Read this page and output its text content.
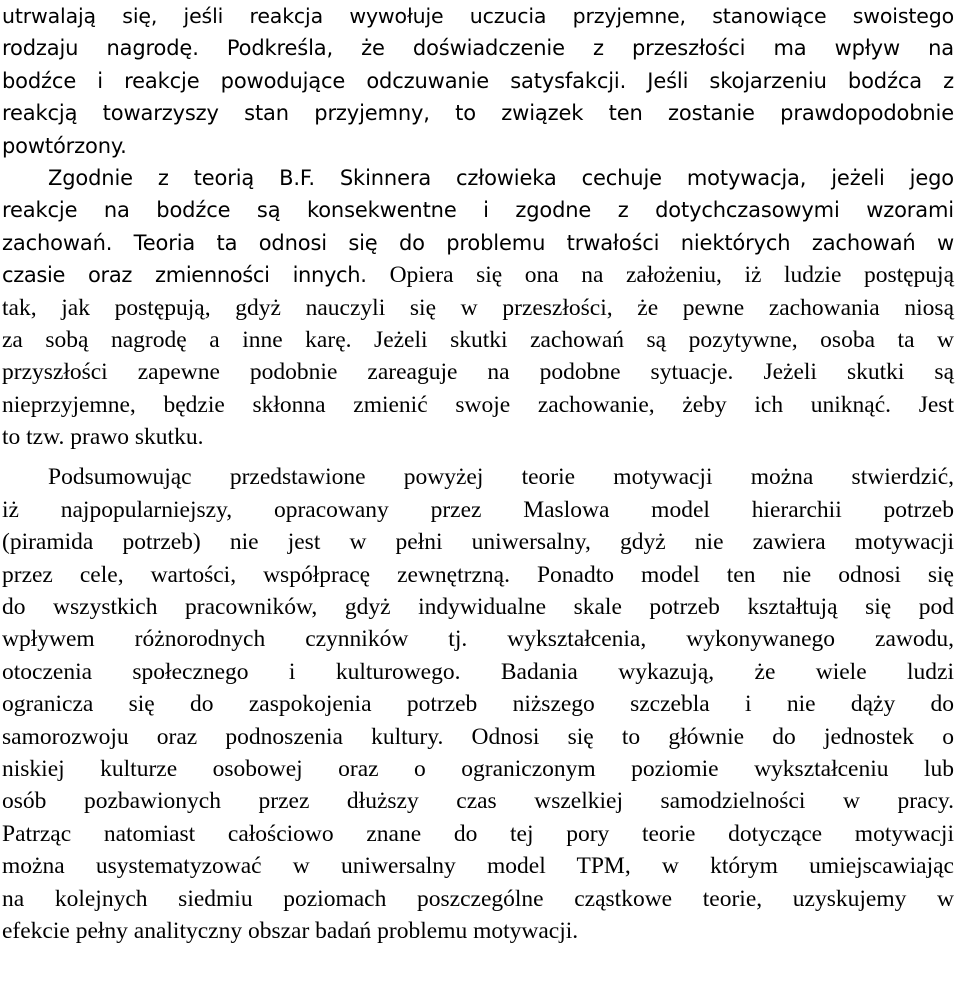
utrwalają się, jeśli reakcja wywołuje uczucia przyjemne, stanowiące swoistego
rodzaju nagrodę. Podkreśla, że doświadczenie z przeszłości ma wpływ na
bodźce i reakcje powodujące odczuwanie satysfakcji. Jeśli skojarzeniu bodźca z
reakcją towarzyszy stan przyjemny, to związek ten zostanie prawdopodobnie
powtórzony.
Zgodnie z teorią B.F. Skinnera człowieka cechuje motywacja, jeżeli jego
reakcje na bodźce są konsekwentne i zgodne z dotychczasowymi wzorami
zachowań. Teoria ta odnosi się do problemu trwałości niektórych zachowań w
czasie oraz zmienności innych. Opiera się ona na założeniu, iż ludzie postępują
tak, jak postępują, gdyż nauczyli się w przeszłości, że pewne zachowania niosą
za sobą nagrodę a inne karę. Jeżeli skutki zachowań są pozytywne, osoba ta w
przyszłości zapewne podobnie zareaguje na podobne sytuacje. Jeżeli skutki są
nieprzyjemne, będzie skłonna zmienić swoje zachowanie, żeby ich uniknąć. Jest
to tzw. prawo skutku.
Podsumowując przedstawione powyżej teorie motywacji można stwierdzić,
iż najpopularniejszy, opracowany przez Maslowa model hierarchii potrzeb
(piramida potrzeb) nie jest w pełni uniwersalny, gdyż nie zawiera motywacji
przez cele, wartości, współpracę zewnętrzną. Ponadto model ten nie odnosi się
do wszystkich pracowników, gdyż indywidualne skale potrzeb kształtują się pod
wpływem różnorodnych czynników tj. wykształcenia, wykonywanego zawodu,
otoczenia społecznego i kulturowego. Badania wykazują, że wiele ludzi
ogranicza się do zaspokojenia potrzeb niższego szczebla i nie dąży do
samorozwoju oraz podnoszenia kultury. Odnosi się to głównie do jednostek o
niskiej kulturze osobowej oraz o ograniczonym poziomie wykształceniu lub
osób pozbawionych przez dłuższy czas wszelkiej samodzielności w pracy.
Patrząc natomiast całościowo znane do tej pory teorie dotyczące motywacji
można usystematyzować w uniwersalny model TPM, w którym umiejscawiając
na kolejnych siedmiu poziomach poszczególne cząstkowe teorie, uzyskujemy w
efekcie pełny analityczny obszar badań problemu motywacji.
